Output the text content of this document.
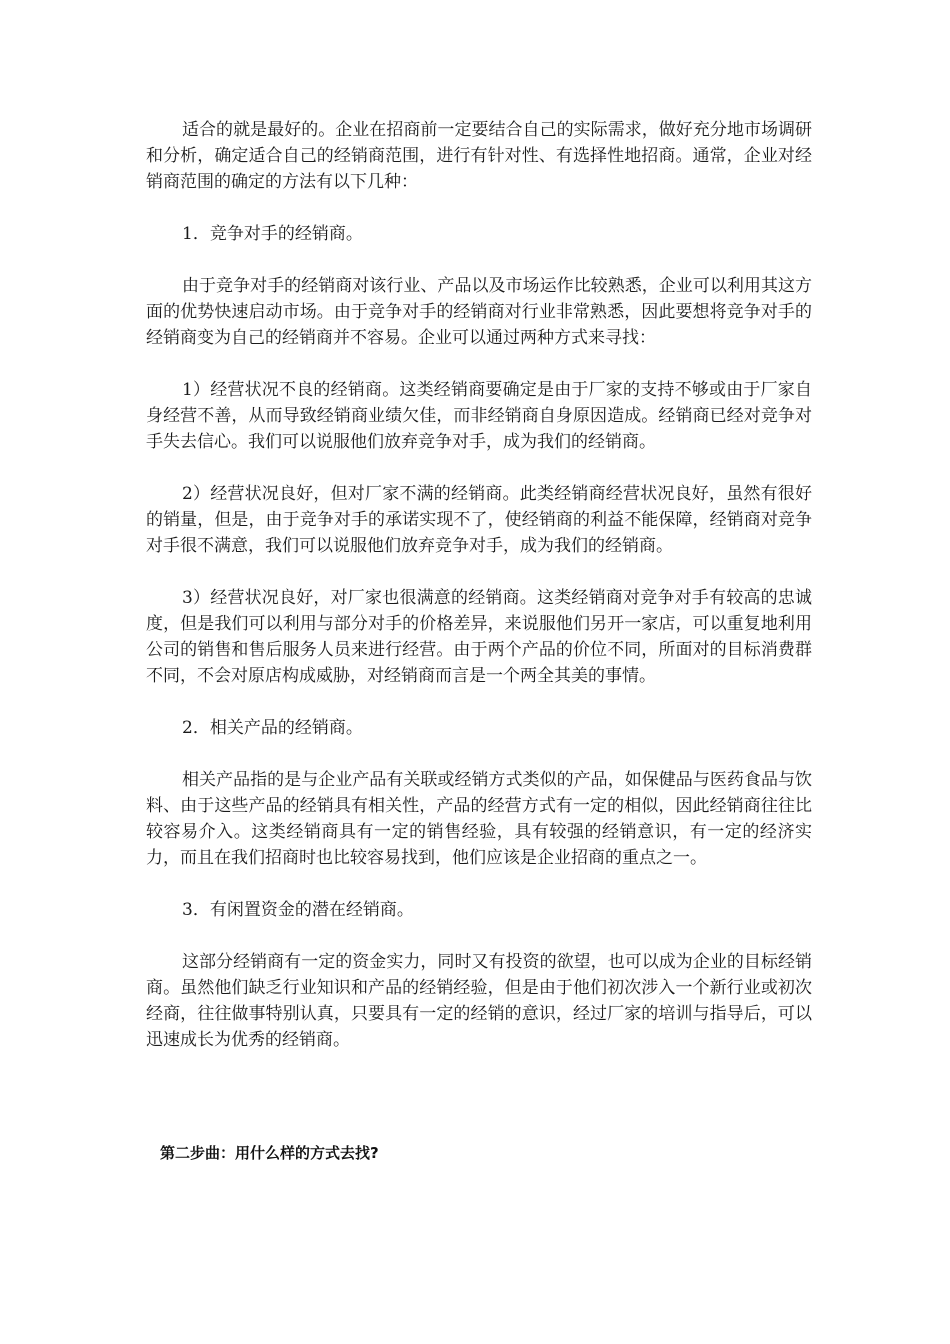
适合的就是最好的。企业在招商前一定要结合自己的实际需求，做好充分地市场调研和分析，确定适合自己的经销商范围，进行有针对性、有选择性地招商。通常，企业对经销商范围的确定的方法有以下几种：

1．竞争对手的经销商。

由于竞争对手的经销商对该行业、产品以及市场运作比较熟悉，企业可以利用其这方面的优势快速启动市场。由于竞争对手的经销商对行业非常熟悉，因此要想将竞争对手的经销商变为自己的经销商并不容易。企业可以通过两种方式来寻找：

1）经营状况不良的经销商。这类经销商要确定是由于厂家的支持不够或由于厂家自身经营不善，从而导致经销商业绩欠佳，而非经销商自身原因造成。经销商已经对竞争对手失去信心。我们可以说服他们放弃竞争对手，成为我们的经销商。

2）经营状况良好，但对厂家不满的经销商。此类经销商经营状况良好，虽然有很好的销量，但是，由于竞争对手的承诺实现不了，使经销商的利益不能保障，经销商对竞争对手很不满意，我们可以说服他们放弃竞争对手，成为我们的经销商。

3）经营状况良好，对厂家也很满意的经销商。这类经销商对竞争对手有较高的忠诚度，但是我们可以利用与部分对手的价格差异，来说服他们另开一家店，可以重复地利用公司的销售和售后服务人员来进行经营。由于两个产品的价位不同，所面对的目标消费群不同，不会对原店构成威胁，对经销商而言是一个两全其美的事情。

2．相关产品的经销商。

相关产品指的是与企业产品有关联或经销方式类似的产品，如保健品与医药食品与饮料、由于这些产品的经销具有相关性，产品的经营方式有一定的相似，因此经销商往往比较容易介入。这类经销商具有一定的销售经验，具有较强的经销意识，有一定的经济实力，而且在我们招商时也比较容易找到，他们应该是企业招商的重点之一。

3．有闲置资金的潜在经销商。

这部分经销商有一定的资金实力，同时又有投资的欲望，也可以成为企业的目标经销商。虽然他们缺乏行业知识和产品的经销经验，但是由于他们初次涉入一个新行业或初次经商，往往做事特别认真，只要具有一定的经销的意识，经过厂家的培训与指导后，可以迅速成长为优秀的经销商。

第二步曲：用什么样的方式去找?
